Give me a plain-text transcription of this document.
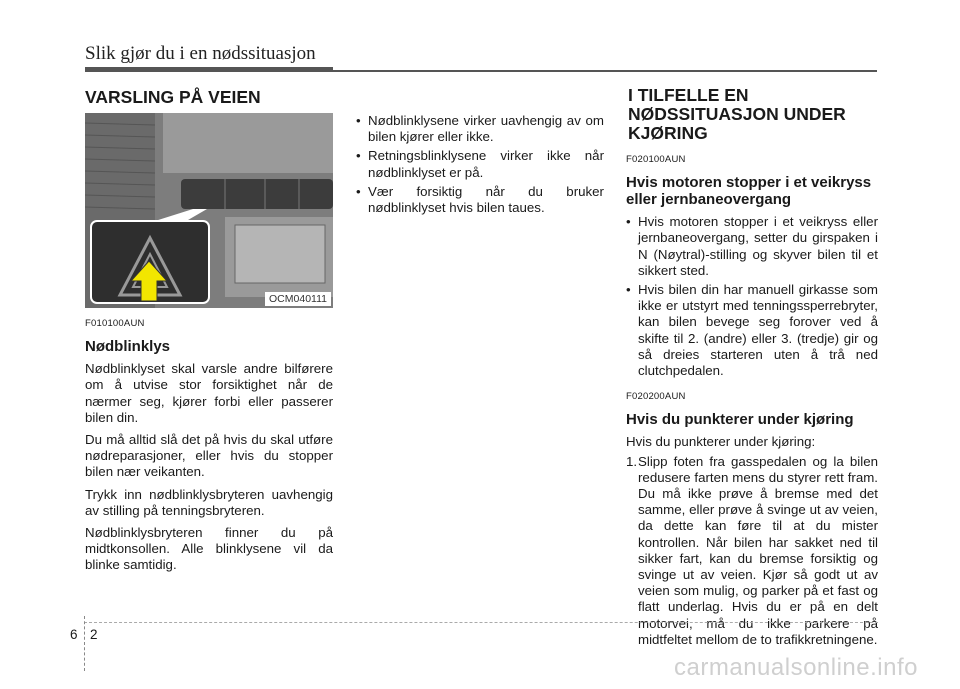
Slik gjør du i en nødssituasjon
VARSLING PÅ VEIEN
OCM040111
F010100AUN
Nødblinklys

Nødblinklyset skal varsle andre bilførere om å utvise stor forsiktighet når de nærmer seg, kjører forbi eller passerer bilen din.

Du må alltid slå det på hvis du skal utføre nødreparasjoner, eller hvis du stopper bilen nær veikanten.

Trykk inn nødblinklysbryteren uavhengig av stilling på tenningsbryteren.

Nødblinklysbryteren finner du på midtkonsollen. Alle blinklysene vil da blinke samtidig.

• Nødblinklysene virker uavhengig av om bilen kjører eller ikke.
• Retningsblinklysene virker ikke når nødblinklyset er på.
• Vær forsiktig når du bruker nødblinklyset hvis bilen taues.
I TILFELLE EN NØDSSITUASJON UNDER KJØRING
F020100AUN
Hvis motoren stopper i et veikryss eller jernbaneovergang
• Hvis motoren stopper i et veikryss eller jernbaneovergang, setter du girspaken i N (Nøytral)-stilling og skyver bilen til et sikkert sted.
• Hvis bilen din har manuell girkasse som ikke er utstyrt med tenningssperrebryter, kan bilen bevege seg forover ved å skifte til 2. (andre) eller 3. (tredje) gir og så dreies starteren uten å trå ned clutchpedalen.
F020200AUN
Hvis du punkterer under kjøring

Hvis du punkterer under kjøring:

1. Slipp foten fra gasspedalen og la bilen redusere farten mens du styrer rett fram. Du må ikke prøve å bremse med det samme, eller prøve å svinge ut av veien, da dette kan føre til at du mister kontrollen. Når bilen har sakket ned til sikker fart, kan du bremse forsiktig og svinge ut av veien. Kjør så godt ut av veien som mulig, og parker på et fast og flatt underlag. Hvis du er på en delt motorvei, må du ikke parkere på midtfeltet mellom de to trafikkretningene.
6 2
carmanualsonline.info
